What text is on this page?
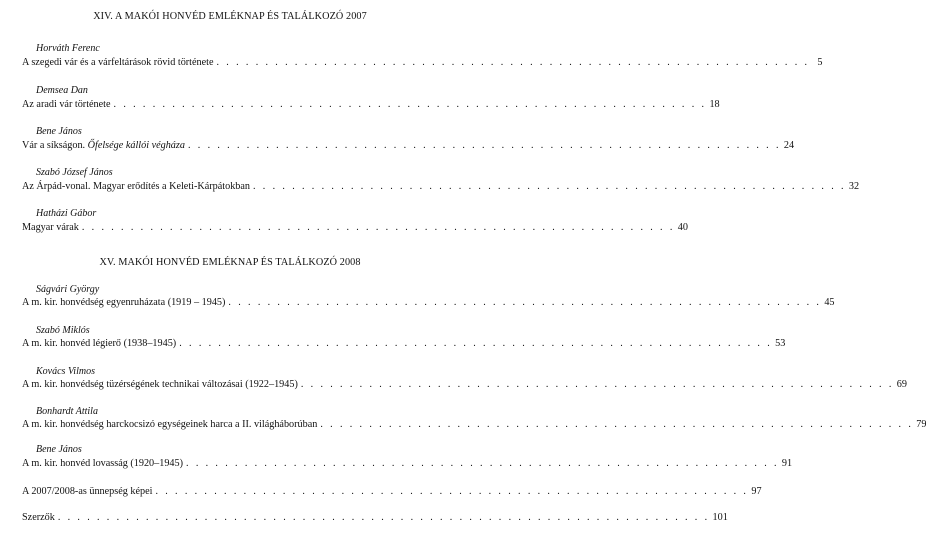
XIV. A MAKÓI HONVÉD EMLÉKNAP ÉS TALÁLKOZÓ 2007
Horváth Ferenc
A szegedi vár és a várfeltárások rövid története . . . . . . . . . . . . . . . . . . . . . . . . . . . . . . . . . . . . . . . . . . . . . . . . . . . . . . . . . . . . . 5
Demsea Dan
Az aradi vár története . . . . . . . . . . . . . . . . . . . . . . . . . . . . . . . . . . . . . . . . . . . . . . . . . . . . . . . . . . . . . 18
Bene János
Vár a síkságon. Őfelsége kállói végháza . . . . . . . . . . . . . . . . . . . . . . . . . . . . . . . . . . . . . . . . . . . . . . . . . . . . . . . . . . . . . 24
Szabó József János
Az Árpád-vonal. Magyar erődítés a Keleti-Kárpátokban . . . . . . . . . . . . . . . . . . . . . . . . . . . . . . . . . . . . . . . . . . . . . . . . . . . . . . . . . . . . . 32
Hatházi Gábor
Magyar várak . . . . . . . . . . . . . . . . . . . . . . . . . . . . . . . . . . . . . . . . . . . . . . . . . . . . . . . . . . . . . 40
XV. MAKÓI HONVÉD EMLÉKNAP ÉS TALÁLKOZÓ 2008
Ságvári György
A m. kir. honvédség egyenruházata (1919 – 1945) . . . . . . . . . . . . . . . . . . . . . . . . . . . . . . . . . . . . . . . . . . . . . . . . . . . . . . . . . . . . . 45
Szabó Miklós
A m. kir. honvéd légierő (1938–1945) . . . . . . . . . . . . . . . . . . . . . . . . . . . . . . . . . . . . . . . . . . . . . . . . . . . . . . . . . . . . . 53
Kovács Vilmos
A m. kir. honvédség tüzérségének technikai változásai (1922–1945) . . . . . . . . . . . . . . . . . . . . . . . . . . . . . . . . . . . . . . . . . . . . . . . . . . . . . . . . . . . . . 69
Bonhardt Attila
A m. kir. honvédség harckocsizó egységeinek harca a II. világháborúban . . . . . . . . . . . . . . . . . . . . . . . . . . . . . . . . . . . . . . . . . . . . . . . . . . . . . . . . . . . . . 79
Bene János
A m. kir. honvéd lovasság (1920–1945) . . . . . . . . . . . . . . . . . . . . . . . . . . . . . . . . . . . . . . . . . . . . . . . . . . . . . . . . . . . . . 91
A 2007/2008-as ünnepség képei . . . . . . . . . . . . . . . . . . . . . . . . . . . . . . . . . . . . . . . . . . . . . . . . . . . . . . . . . . . . . 97
Szerzők . . . . . . . . . . . . . . . . . . . . . . . . . . . . . . . . . . . . . . . . . . . . . . . . . . . . . . . . . . . . . . . . . . . 101
